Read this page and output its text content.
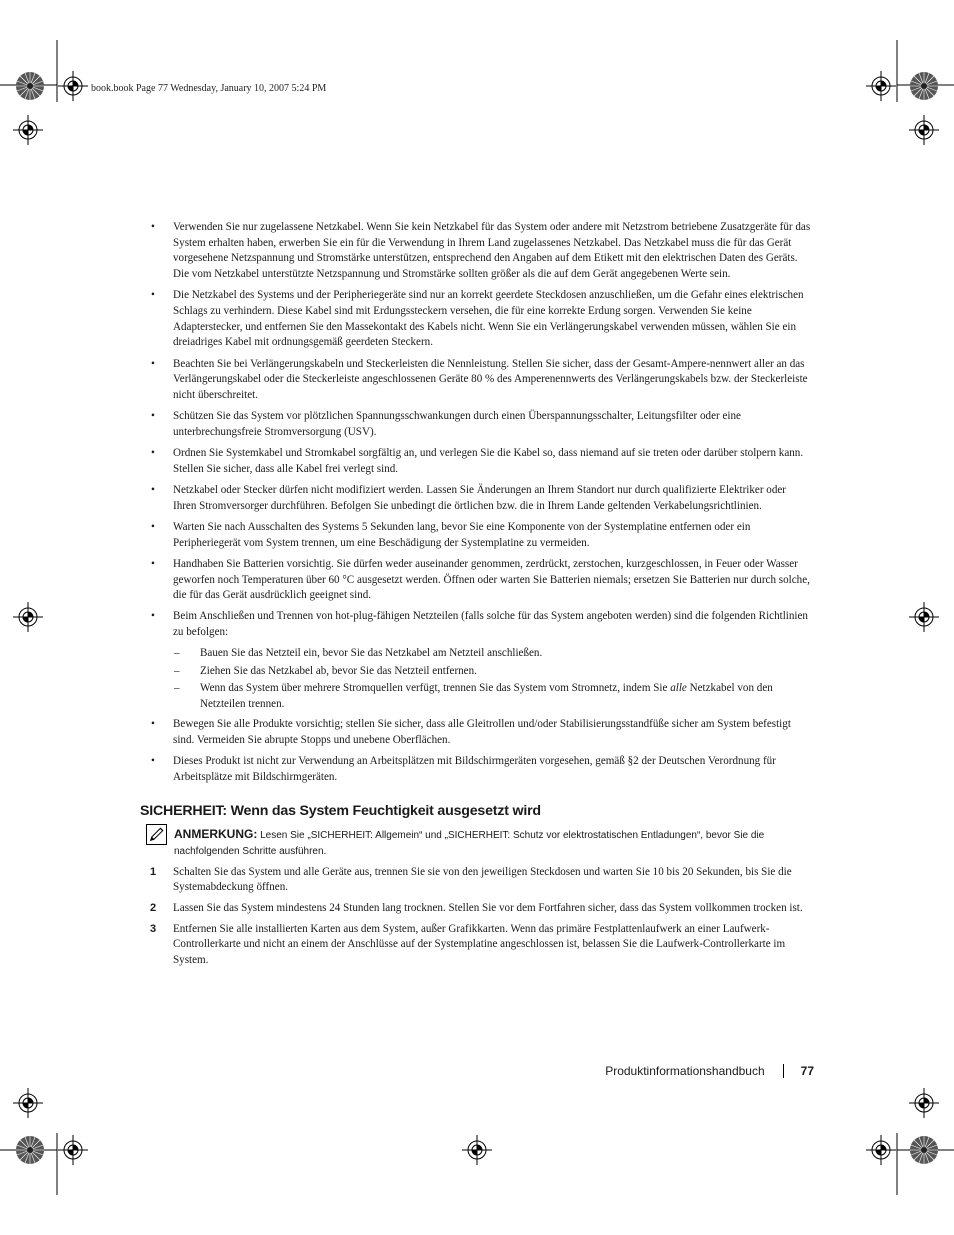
book.book Page 77 Wednesday, January 10, 2007 5:24 PM
• Verwenden Sie nur zugelassene Netzkabel. Wenn Sie kein Netzkabel für das System oder andere mit Netzstrom betriebene Zusatzgeräte für das System erhalten haben, erwerben Sie ein für die Verwendung in Ihrem Land zugelassenes Netzkabel. Das Netzkabel muss die für das Gerät vorgesehene Netzspannung und Stromstärke unterstützen, entsprechend den Angaben auf dem Etikett mit den elektrischen Daten des Geräts. Die vom Netzkabel unterstützte Netzspannung und Stromstärke sollten größer als die auf dem Gerät angegebenen Werte sein.
• Die Netzkabel des Systems und der Peripheriegeräte sind nur an korrekt geerdete Steckdosen anzuschließen, um die Gefahr eines elektrischen Schlags zu verhindern. Diese Kabel sind mit Erdungssteckern versehen, die für eine korrekte Erdung sorgen. Verwenden Sie keine Adapterstecker, und entfernen Sie den Massekontakt des Kabels nicht. Wenn Sie ein Verlängerungskabel verwenden müssen, wählen Sie ein dreiadriges Kabel mit ordnungsgemäß geerdeten Steckern.
• Beachten Sie bei Verlängerungskabeln und Steckerleisten die Nennleistung. Stellen Sie sicher, dass der Gesamt-Ampere-nennwert aller an das Verlängerungskabel oder die Steckerleiste angeschlossenen Geräte 80 % des Amperenennwerts des Verlängerungskabels bzw. der Steckerleiste nicht überschreitet.
• Schützen Sie das System vor plötzlichen Spannungsschwankungen durch einen Überspannungsschalter, Leitungsfilter oder eine unterbrechungsfreie Stromversorgung (USV).
• Ordnen Sie Systemkabel und Stromkabel sorgfältig an, und verlegen Sie die Kabel so, dass niemand auf sie treten oder darüber stolpern kann. Stellen Sie sicher, dass alle Kabel frei verlegt sind.
• Netzkabel oder Stecker dürfen nicht modifiziert werden. Lassen Sie Änderungen an Ihrem Standort nur durch qualifizierte Elektriker oder Ihren Stromversorger durchführen. Befolgen Sie unbedingt die örtlichen bzw. die in Ihrem Lande geltenden Verkabelungsrichtlinien.
• Warten Sie nach Ausschalten des Systems 5 Sekunden lang, bevor Sie eine Komponente von der Systemplatine entfernen oder ein Peripheriegerät vom System trennen, um eine Beschädigung der Systemplatine zu vermeiden.
• Handhaben Sie Batterien vorsichtig. Sie dürfen weder auseinander genommen, zerdrückt, zerstochen, kurzgeschlossen, in Feuer oder Wasser geworfen noch Temperaturen über 60 °C ausgesetzt werden. Öffnen oder warten Sie Batterien niemals; ersetzen Sie Batterien nur durch solche, die für das Gerät ausdrücklich geeignet sind.
• Beim Anschließen und Trennen von hot-plug-fähigen Netzteilen (falls solche für das System angeboten werden) sind die folgenden Richtlinien zu befolgen:
– Bauen Sie das Netzteil ein, bevor Sie das Netzkabel am Netzteil anschließen.
– Ziehen Sie das Netzkabel ab, bevor Sie das Netzteil entfernen.
– Wenn das System über mehrere Stromquellen verfügt, trennen Sie das System vom Stromnetz, indem Sie alle Netzkabel von den Netzteilen trennen.
• Bewegen Sie alle Produkte vorsichtig; stellen Sie sicher, dass alle Gleitrollen und/oder Stabilisierungsstandfüße sicher am System befestigt sind. Vermeiden Sie abrupte Stopps und unebene Oberflächen.
• Dieses Produkt ist nicht zur Verwendung an Arbeitsplätzen mit Bildschirmgeräten vorgesehen, gemäß §2 der Deutschen Verordnung für Arbeitsplätze mit Bildschirmgeräten.
SICHERHEIT: Wenn das System Feuchtigkeit ausgesetzt wird
ANMERKUNG: Lesen Sie „SICHERHEIT: Allgemein“ und „SICHERHEIT: Schutz vor elektrostatischen Entladungen“, bevor Sie die nachfolgenden Schritte ausführen.
1 Schalten Sie das System und alle Geräte aus, trennen Sie sie von den jeweiligen Steckdosen und warten Sie 10 bis 20 Sekunden, bis Sie die Systemabdeckung öffnen.
2 Lassen Sie das System mindestens 24 Stunden lang trocknen. Stellen Sie vor dem Fortfahren sicher, dass das System vollkommen trocken ist.
3 Entfernen Sie alle installierten Karten aus dem System, außer Grafikkarten. Wenn das primäre Festplattenlaufwerk an einer Laufwerk-Controllerkarte und nicht an einem der Anschlüsse auf der Systemplatine angeschlossen ist, belassen Sie die Laufwerk-Controllerkarte im System.
Produktinformationshandbuch	77
